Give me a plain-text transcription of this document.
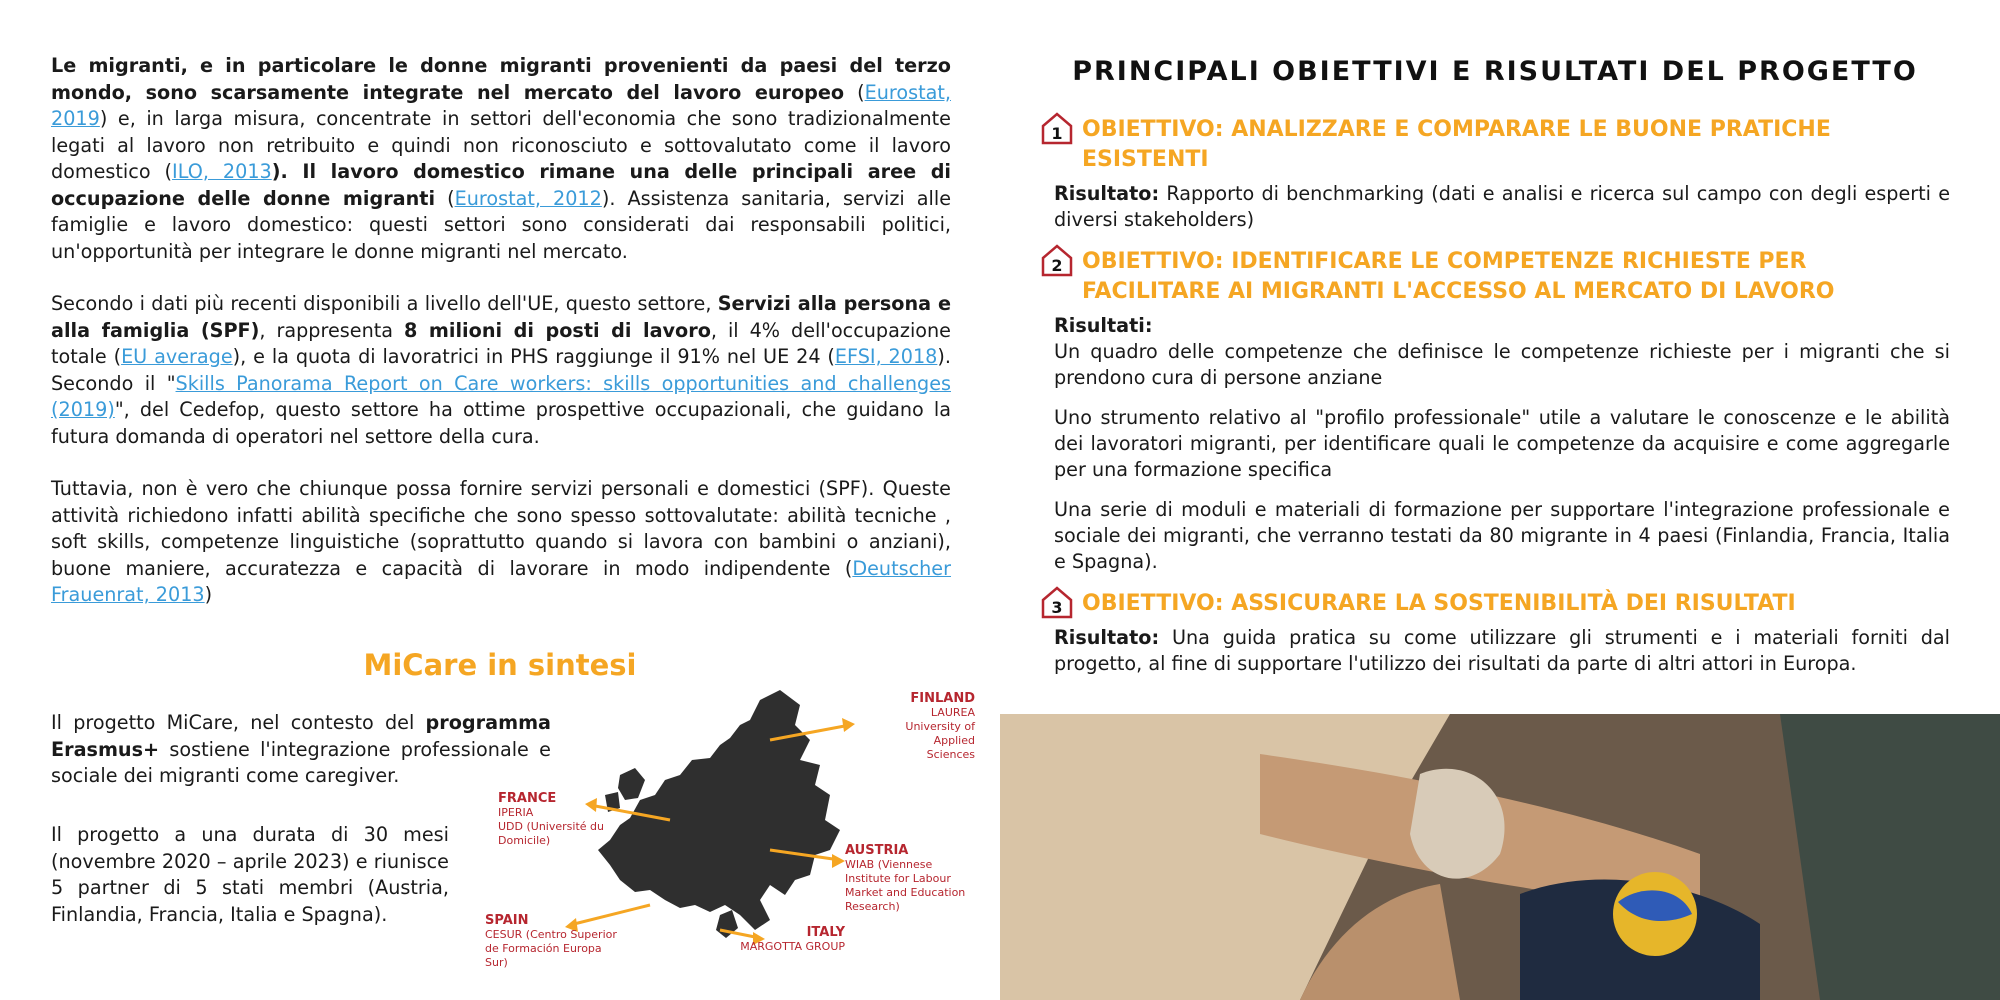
Le migranti, e in particolare le donne migranti provenienti da paesi del terzo mondo, sono scarsamente integrate nel mercato del lavoro europeo (Eurostat, 2019) e, in larga misura, concentrate in settori dell'economia che sono tradizionalmente legati al lavoro non retribuito e quindi non riconosciuto e sottovalutato come il lavoro domestico (ILO, 2013). Il lavoro domestico rimane una delle principali aree di occupazione delle donne migranti (Eurostat, 2012). Assistenza sanitaria, servizi alle famiglie e lavoro domestico: questi settori sono considerati dai responsabili politici, un'opportunità per integrare le donne migranti nel mercato.

Secondo i dati più recenti disponibili a livello dell'UE, questo settore, Servizi alla persona e alla famiglia (SPF), rappresenta 8 milioni di posti di lavoro, il 4% dell'occupazione totale (EU average), e la quota di lavoratrici in PHS raggiunge il 91% nel UE 24 (EFSI, 2018). Secondo il "Skills Panorama Report on Care workers: skills opportunities and challenges (2019)", del Cedefop, questo settore ha ottime prospettive occupazionali, che guidano la futura domanda di operatori nel settore della cura.

Tuttavia, non è vero che chiunque possa fornire servizi personali e domestici (SPF). Queste attività richiedono infatti abilità specifiche che sono spesso sottovalutate: abilità tecniche , soft skills, competenze linguistiche (soprattutto quando si lavora con bambini o anziani), buone maniere, accuratezza e capacità di lavorare in modo indipendente (Deutscher Frauenrat, 2013)

MiCare in sintesi

Il progetto MiCare, nel contesto del programma Erasmus+ sostiene l'integrazione professionale e sociale dei migranti come caregiver.

Il progetto a una durata di 30 mesi (novembre 2020 – aprile 2023) e riunisce 5 partner di 5 stati membri (Austria, Finlandia, Francia, Italia e Spagna).

FINLAND
LAUREA University of Applied Sciences
FRANCE
IPERIA
UDD (Université du Domicile)
AUSTRIA
WIAB (Viennese Institute for Labour Market and Education Research)
SPAIN
CESUR (Centro Superior de Formación Europa Sur)
ITALY
MARGOTTA GROUP
PRINCIPALI OBIETTIVI E RISULTATI DEL PROGETTO
1 OBIETTIVO: ANALIZZARE E COMPARARE LE BUONE PRATICHE ESISTENTI

Risultato: Rapporto di benchmarking (dati e analisi e ricerca sul campo con degli esperti e diversi stakeholders)

2 OBIETTIVO: IDENTIFICARE LE COMPETENZE RICHIESTE PER FACILITARE AI MIGRANTI L'ACCESSO AL MERCATO DI LAVORO
Risultati:

Un quadro delle competenze che definisce le competenze richieste per i migranti che si prendono cura di persone anziane

Uno strumento relativo al "profilo professionale" utile a valutare le conoscenze e le abilità dei lavoratori migranti, per identificare quali le competenze da acquisire e come aggregarle per una formazione specifica

Una serie di moduli e materiali di formazione per supportare l'integrazione professionale e sociale dei migranti, che verranno testati da 80 migrante in 4 paesi (Finlandia, Francia, Italia e Spagna).

3 OBIETTIVO: ASSICURARE LA SOSTENIBILITÀ DEI RISULTATI

Risultato: Una guida pratica su come utilizzare gli strumenti e i materiali forniti dal progetto, al fine di supportare l'utilizzo dei risultati da parte di altri attori in Europa.
